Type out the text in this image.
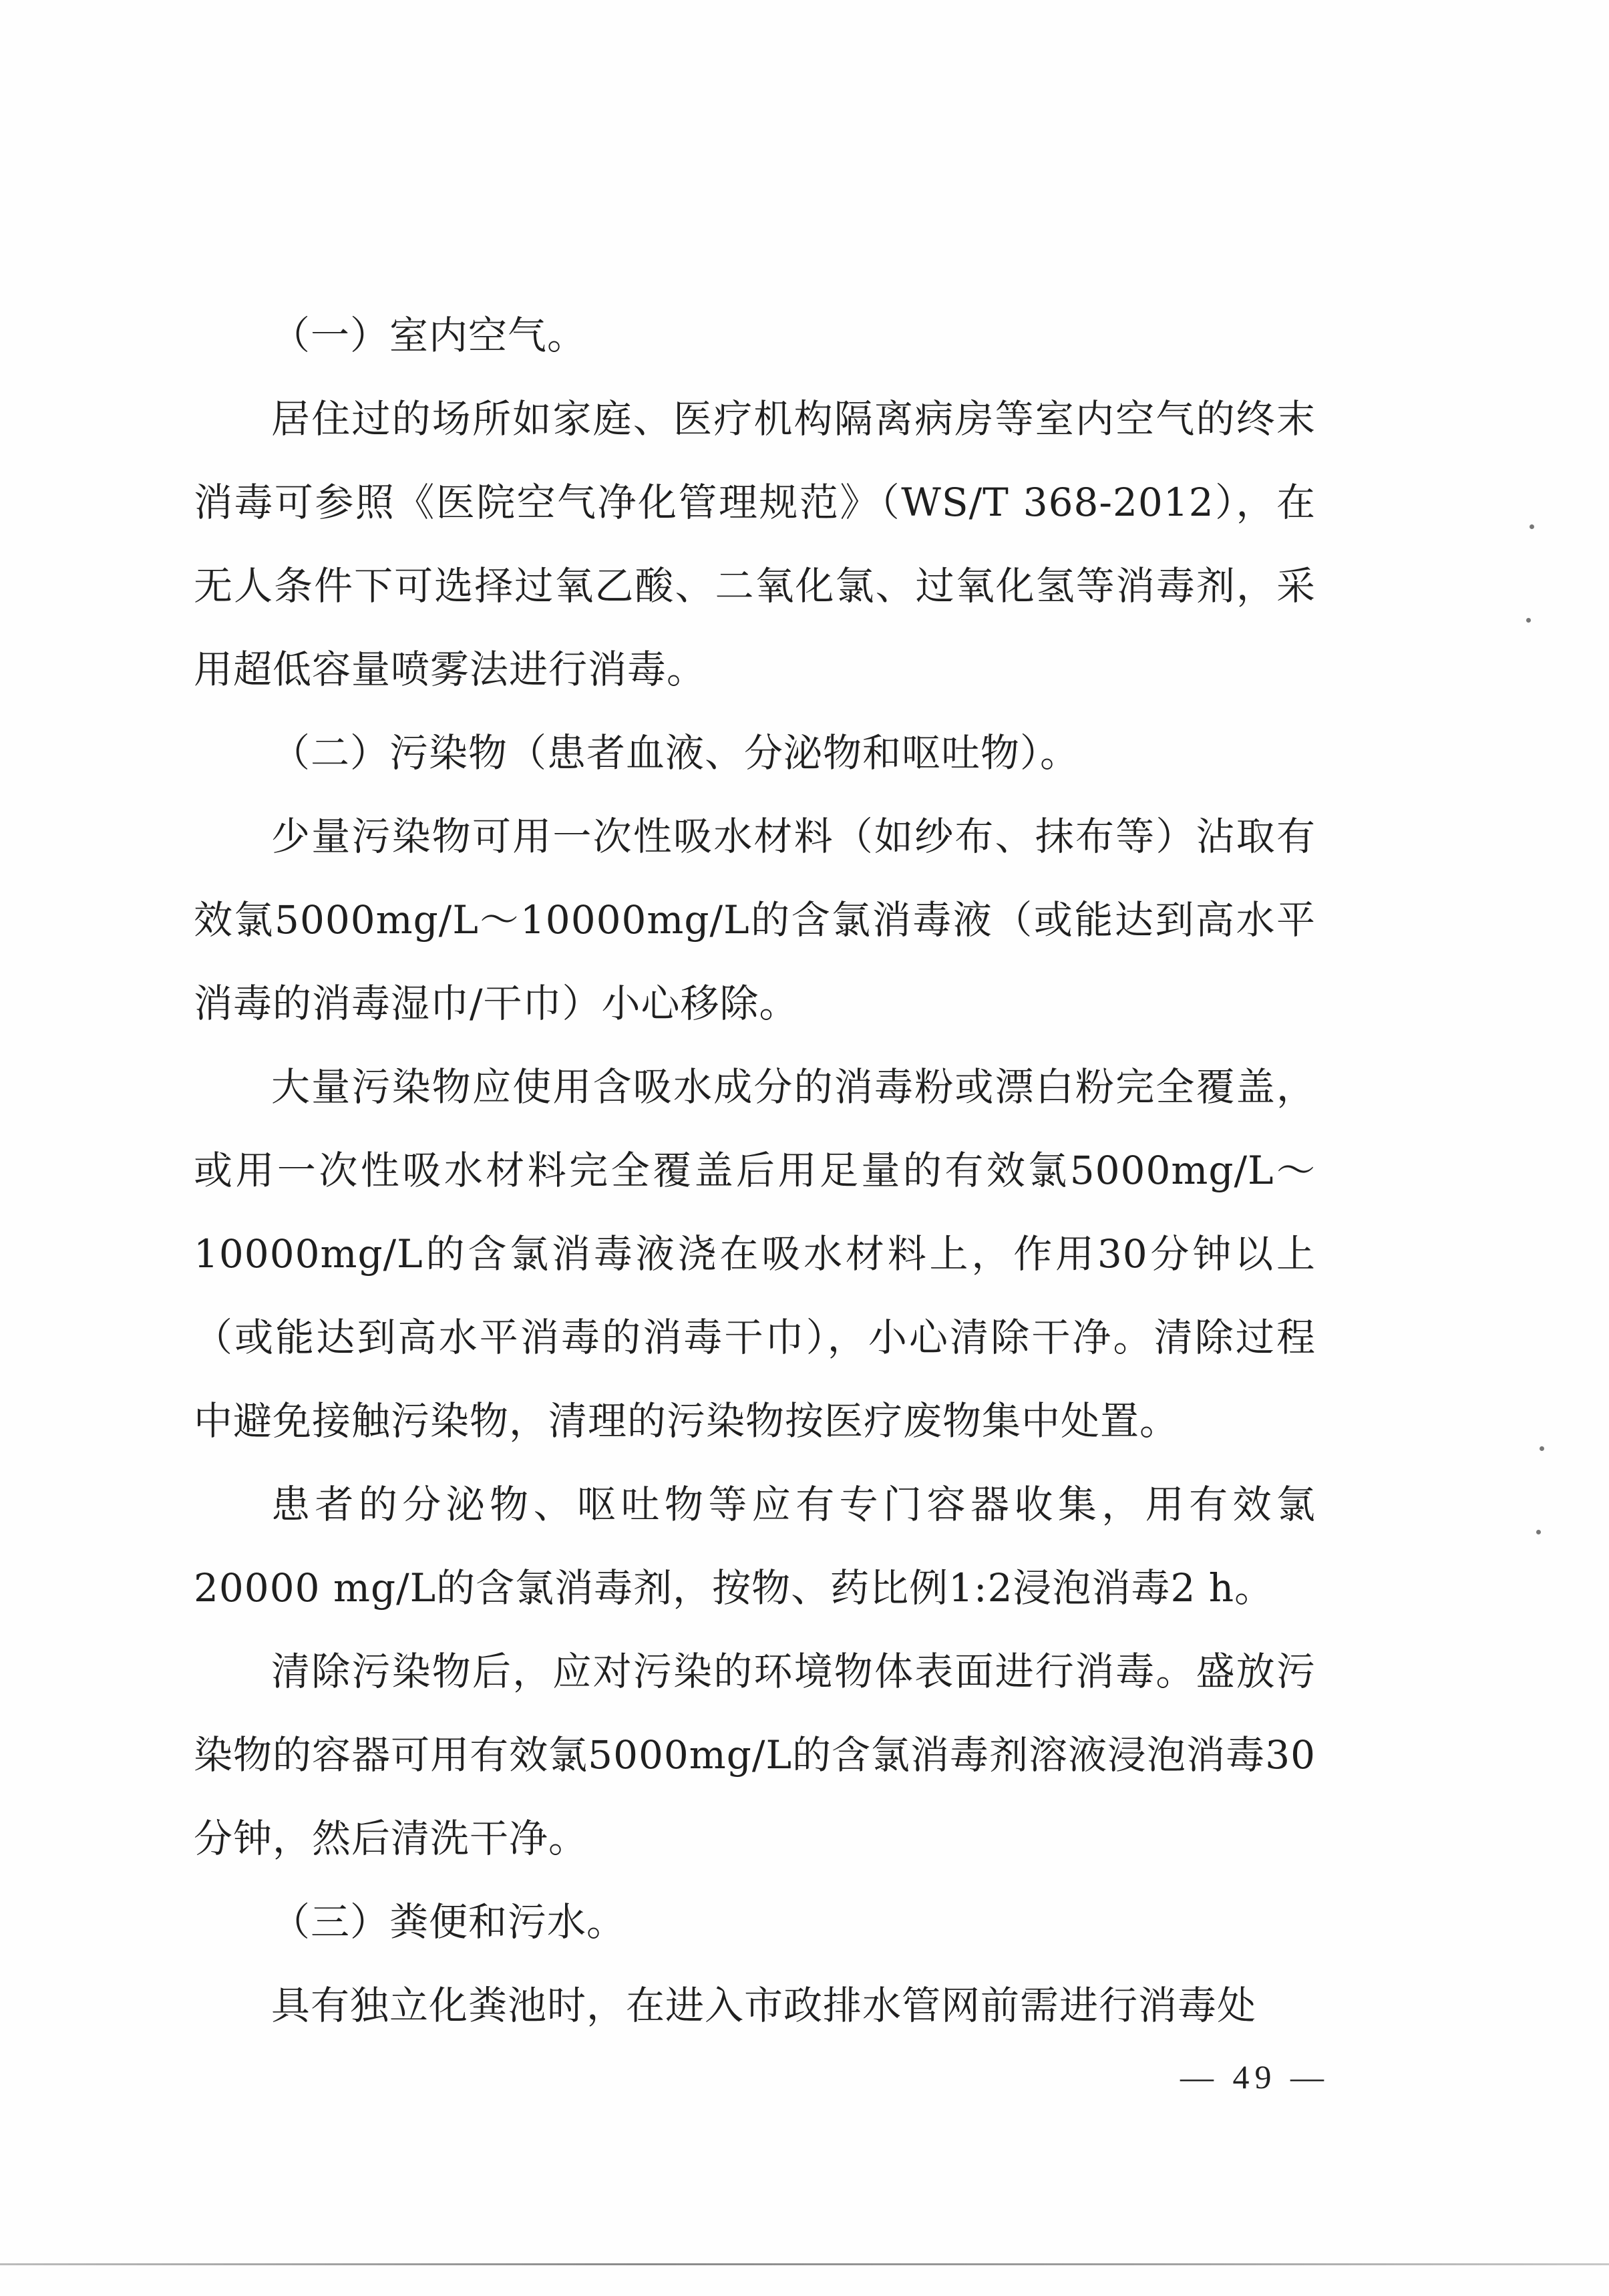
（一）室内空气。

居住过的场所如家庭、医疗机构隔离病房等室内空气的终末消毒可参照《医院空气净化管理规范》（WS/T 368-2012），在无人条件下可选择过氧乙酸、二氧化氯、过氧化氢等消毒剂，采用超低容量喷雾法进行消毒。

（二）污染物（患者血液、分泌物和呕吐物）。

少量污染物可用一次性吸水材料（如纱布、抹布等）沾取有效氯5000mg/L～10000mg/L的含氯消毒液（或能达到高水平消毒的消毒湿巾/干巾）小心移除。

大量污染物应使用含吸水成分的消毒粉或漂白粉完全覆盖，或用一次性吸水材料完全覆盖后用足量的有效氯5000mg/L～10000mg/L的含氯消毒液浇在吸水材料上，作用30分钟以上（或能达到高水平消毒的消毒干巾），小心清除干净。清除过程中避免接触污染物，清理的污染物按医疗废物集中处置。

患者的分泌物、呕吐物等应有专门容器收集，用有效氯20000 mg/L的含氯消毒剂，按物、药比例1:2浸泡消毒2 h。

清除污染物后，应对污染的环境物体表面进行消毒。盛放污染物的容器可用有效氯5000mg/L的含氯消毒剂溶液浸泡消毒30分钟，然后清洗干净。

（三）粪便和污水。

具有独立化粪池时，在进入市政排水管网前需进行消毒处

— 49 —
